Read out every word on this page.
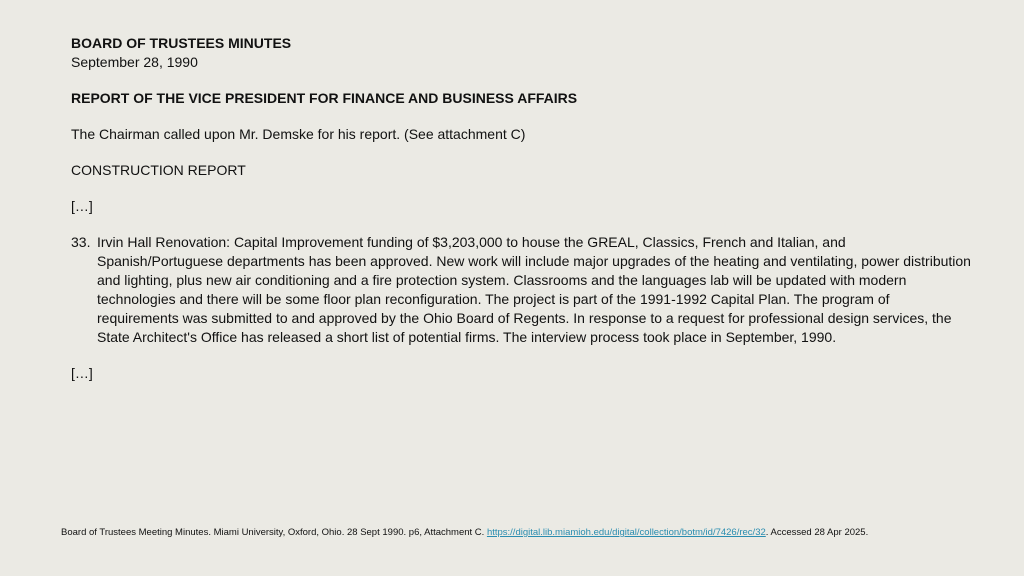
BOARD OF TRUSTEES MINUTES

September 28, 1990

REPORT OF THE VICE PRESIDENT FOR FINANCE AND BUSINESS AFFAIRS

The Chairman called upon Mr. Demske for his report. (See attachment C)

CONSTRUCTION REPORT

[…]

33. Irvin Hall Renovation: Capital Improvement funding of $3,203,000 to house the GREAL, Classics, French and Italian, and Spanish/Portuguese departments has been approved. New work will include major upgrades of the heating and ventilating, power distribution and lighting, plus new air conditioning and a fire protection system. Classrooms and the languages lab will be updated with modern technologies and there will be some floor plan reconfiguration. The project is part of the 1991-1992 Capital Plan. The program of requirements was submitted to and approved by the Ohio Board of Regents. In response to a request for professional design services, the State Architect's Office has released a short list of potential firms. The interview process took place in September, 1990.

[…]

Board of Trustees Meeting Minutes. Miami University, Oxford, Ohio. 28 Sept 1990. p6, Attachment C. https://digital.lib.miamioh.edu/digital/collection/botm/id/7426/rec/32. Accessed 28 Apr 2025.
